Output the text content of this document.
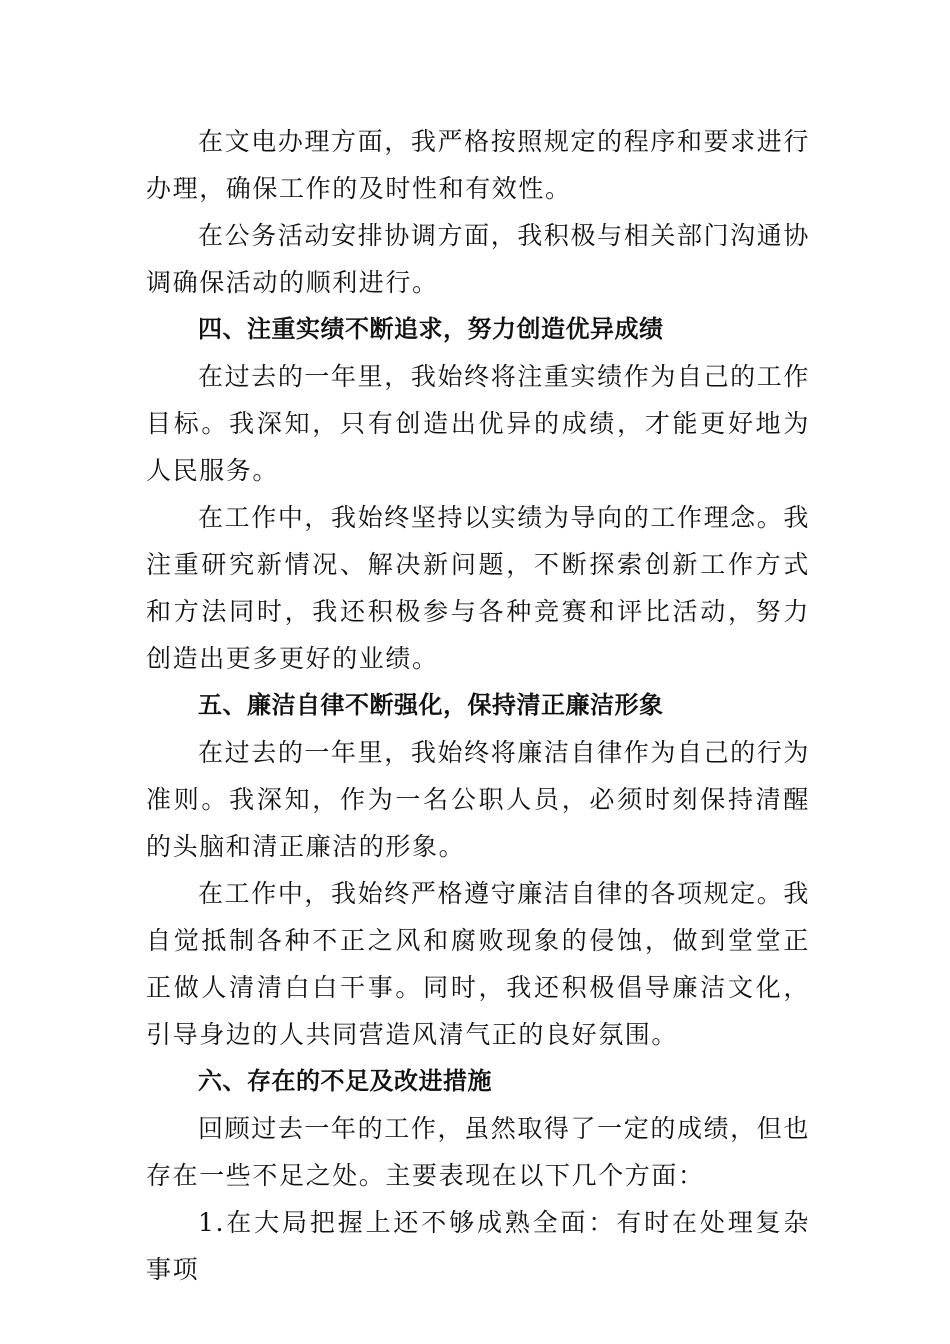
在文电办理方面，我严格按照规定的程序和要求进行办理，确保工作的及时性和有效性。

在公务活动安排协调方面，我积极与相关部门沟通协调确保活动的顺利进行。

四、注重实绩不断追求，努力创造优异成绩

在过去的一年里，我始终将注重实绩作为自己的工作目标。我深知，只有创造出优异的成绩，才能更好地为人民服务。

在工作中，我始终坚持以实绩为导向的工作理念。我注重研究新情况、解决新问题，不断探索创新工作方式和方法同时，我还积极参与各种竞赛和评比活动，努力创造出更多更好的业绩。

五、廉洁自律不断强化，保持清正廉洁形象

在过去的一年里，我始终将廉洁自律作为自己的行为准则。我深知，作为一名公职人员，必须时刻保持清醒的头脑和清正廉洁的形象。

在工作中，我始终严格遵守廉洁自律的各项规定。我自觉抵制各种不正之风和腐败现象的侵蚀，做到堂堂正正做人清清白白干事。同时，我还积极倡导廉洁文化，引导身边的人共同营造风清气正的良好氛围。

六、存在的不足及改进措施

回顾过去一年的工作，虽然取得了一定的成绩，但也存在一些不足之处。主要表现在以下几个方面：

1.在大局把握上还不够成熟全面：有时在处理复杂事项
